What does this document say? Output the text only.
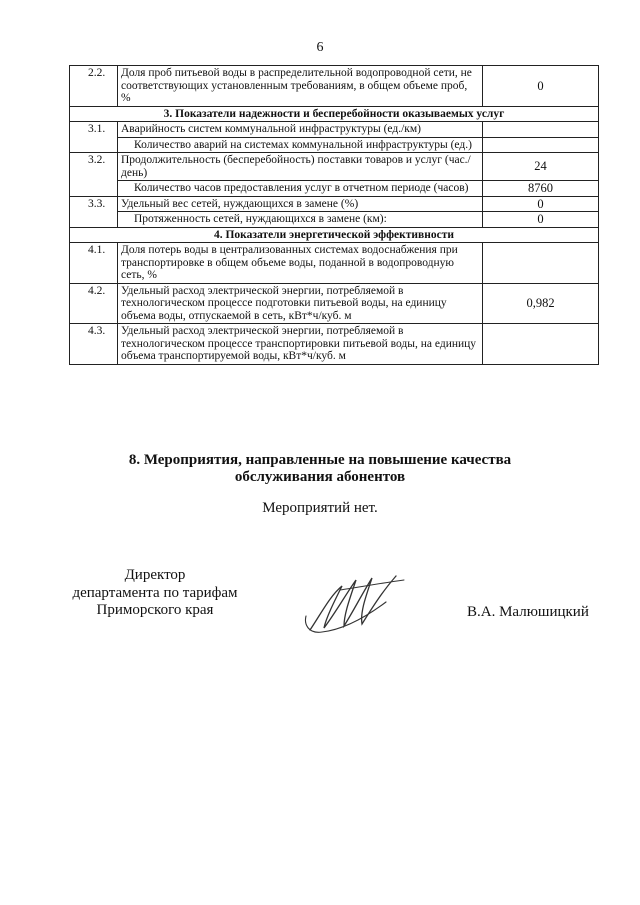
6
2.2.	Доля проб питьевой воды в распределительной водопроводной сети, не соответствующих установленным требованиям, в общем объеме проб, %	0
3. Показатели надежности и бесперебойности оказываемых услуг		
3.1.	Аварийность систем коммунальной инфраструктуры (ед./км)	
	Количество аварий на системах коммунальной инфраструктуры (ед.)	
3.2.	Продолжительность (бесперебойность) поставки товаров и услуг (час./день)	24
	Количество часов предоставления услуг в отчетном периоде (часов)	8760
3.3.	Удельный вес сетей, нуждающихся в замене (%)	0
	Протяженность сетей, нуждающихся в замене (км):	0
4. Показатели энергетической эффективности		
4.1.	Доля потерь воды в централизованных системах водоснабжения при транспортировке в общем объеме воды, поданной в водопроводную сеть, %	
4.2.	Удельный расход электрической энергии, потребляемой в технологическом процессе подготовки питьевой воды, на единицу объема воды, отпускаемой в сеть, кВт*ч/куб. м	0,982
4.3.	Удельный расход электрической энергии, потребляемой в технологическом процессе транспортировки питьевой воды, на единицу объема транспортируемой воды, кВт*ч/куб. м	
8. Мероприятия, направленные на повышение качества
обслуживания абонентов
Мероприятий нет.
Директор
департамента по тарифам
Приморского края	В.А. Малюшицкий
